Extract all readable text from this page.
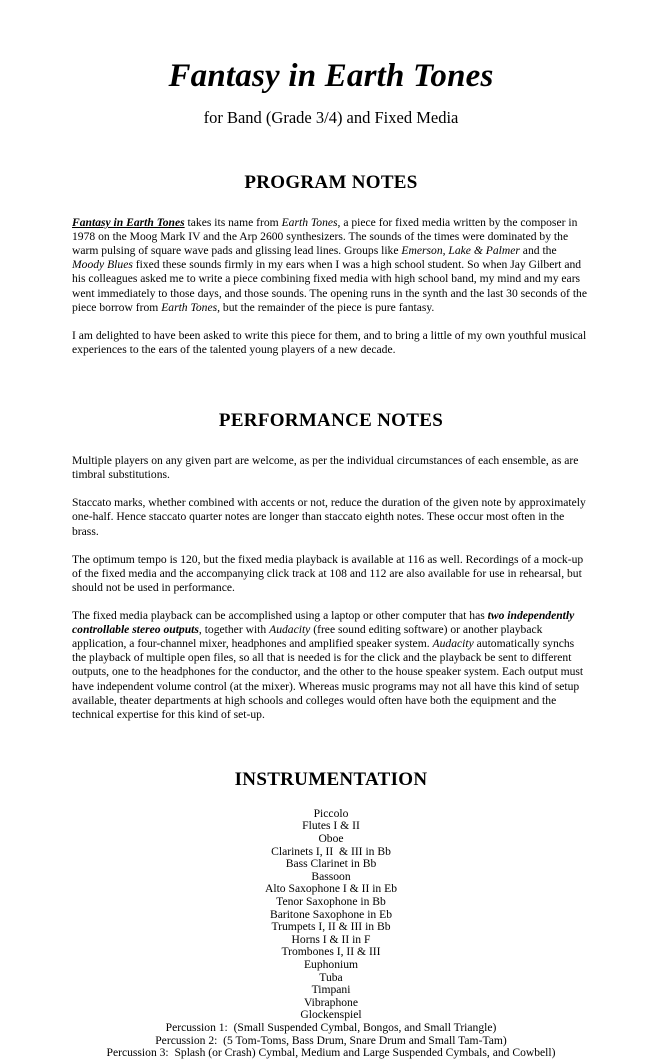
Fantasy in Earth Tones

for Band (Grade 3/4) and Fixed Media

PROGRAM NOTES

Fantasy in Earth Tones takes its name from Earth Tones, a piece for fixed media written by the composer in 1978 on the Moog Mark IV and the Arp 2600 synthesizers. The sounds of the times were dominated by the warm pulsing of square wave pads and glissing lead lines. Groups like Emerson, Lake & Palmer and the Moody Blues fixed these sounds firmly in my ears when I was a high school student. So when Jay Gilbert and his colleagues asked me to write a piece combining fixed media with high school band, my mind and my ears went immediately to those days, and those sounds. The opening runs in the synth and the last 30 seconds of the piece borrow from Earth Tones, but the remainder of the piece is pure fantasy.

I am delighted to have been asked to write this piece for them, and to bring a little of my own youthful musical experiences to the ears of the talented young players of a new decade.

PERFORMANCE NOTES

Multiple players on any given part are welcome, as per the individual circumstances of each ensemble, as are timbral substitutions.

Staccato marks, whether combined with accents or not, reduce the duration of the given note by approximately one-half. Hence staccato quarter notes are longer than staccato eighth notes. These occur most often in the brass.

The optimum tempo is 120, but the fixed media playback is available at 116 as well. Recordings of a mock-up of the fixed media and the accompanying click track at 108 and 112 are also available for use in rehearsal, but should not be used in performance.

The fixed media playback can be accomplished using a laptop or other computer that has two independently controllable stereo outputs, together with Audacity (free sound editing software) or another playback application, a four-channel mixer, headphones and amplified speaker system. Audacity automatically synchs the playback of multiple open files, so all that is needed is for the click and the playback be sent to different outputs, one to the headphones for the conductor, and the other to the house speaker system. Each output must have independent volume control (at the mixer). Whereas music programs may not all have this kind of setup available, theater departments at high schools and colleges would often have both the equipment and the technical expertise for this kind of set-up.

INSTRUMENTATION
Piccolo
Flutes I & II
Oboe
Clarinets I, II  & III in Bb
Bass Clarinet in Bb
Bassoon
Alto Saxophone I & II in Eb
Tenor Saxophone in Bb
Baritone Saxophone in Eb
Trumpets I, II & III in Bb
Horns I & II in F
Trombones I, II & III
Euphonium
Tuba
Timpani
Vibraphone
Glockenspiel
Percussion 1:  (Small Suspended Cymbal, Bongos, and Small Triangle)
Percussion 2:  (5 Tom-Toms, Bass Drum, Snare Drum and Small Tam-Tam)
Percussion 3:  Splash (or Crash) Cymbal, Medium and Large Suspended Cymbals, and Cowbell)
